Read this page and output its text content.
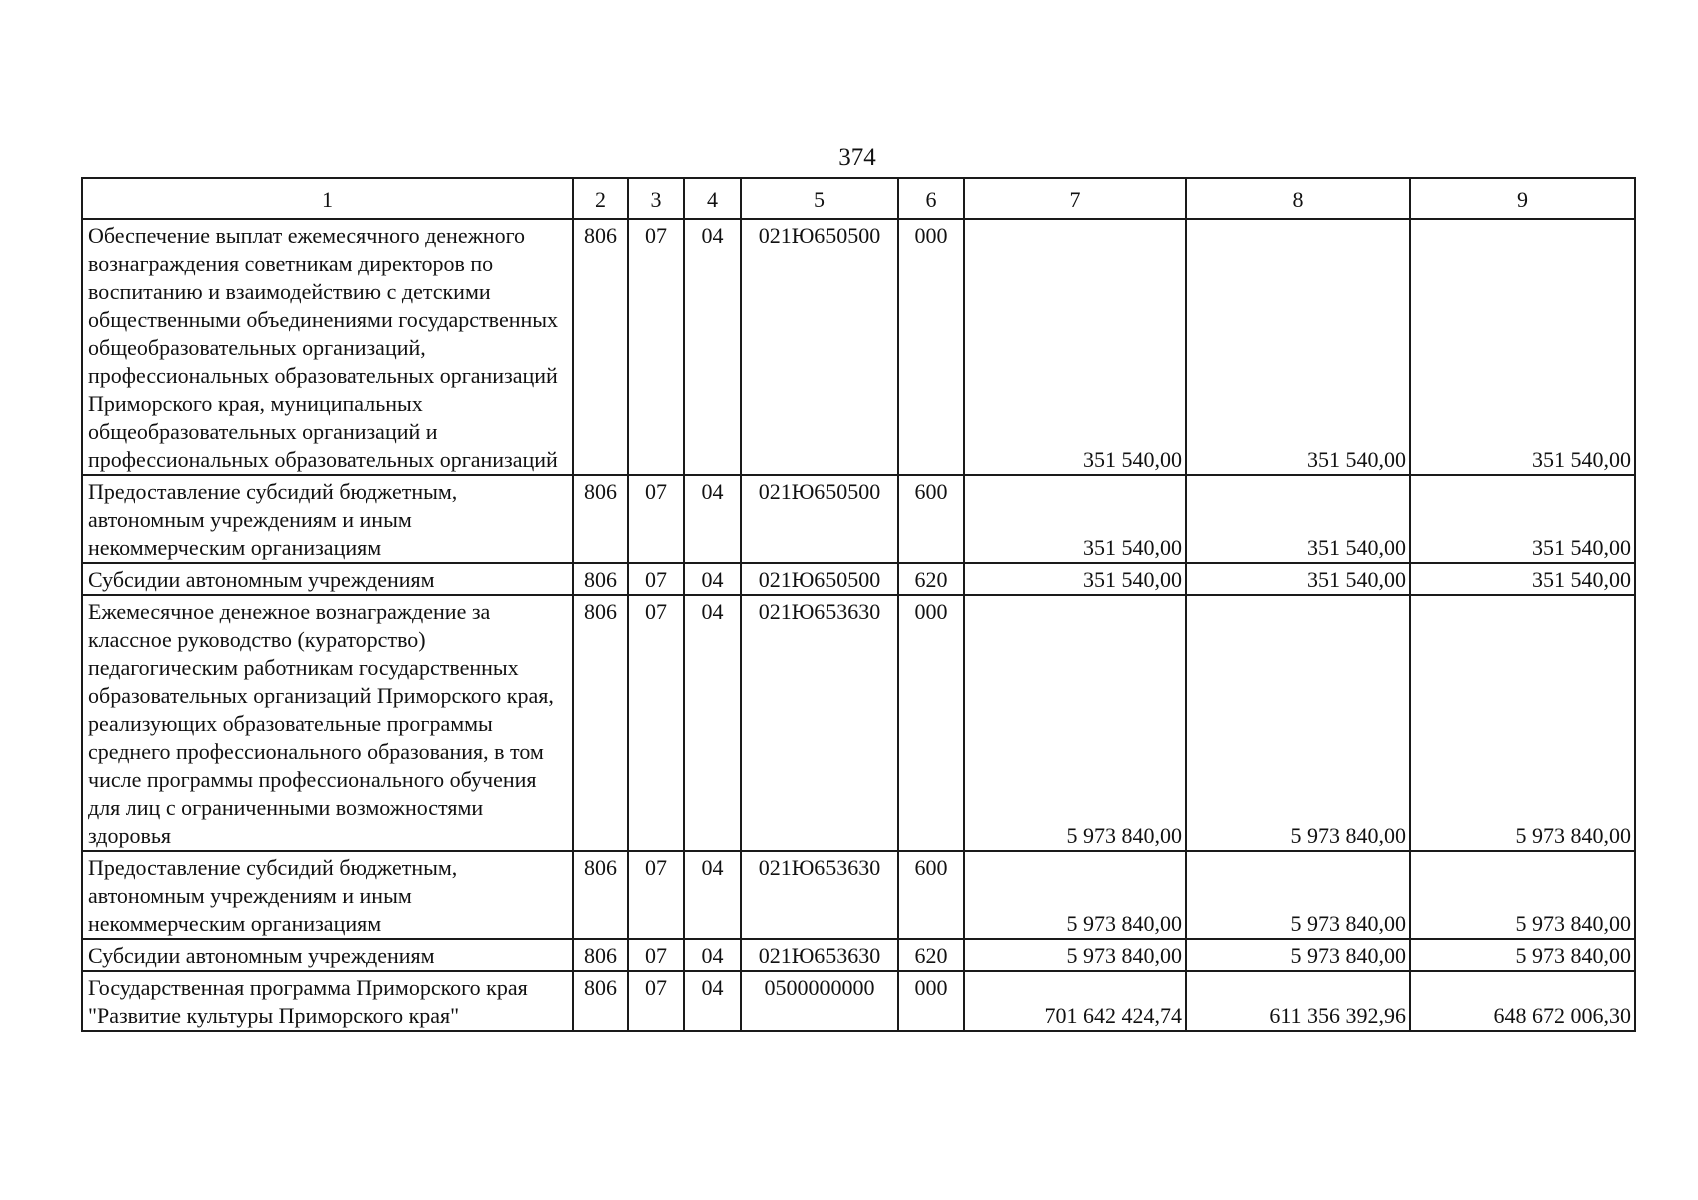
374
1	2	3	4	5	6	7	8	9
Обеспечение выплат ежемесячного денежного вознаграждения советникам директоров по воспитанию и взаимодействию с детскими общественными объединениями государственных общеобразовательных организаций, профессиональных образовательных организаций Приморского края, муниципальных общеобразовательных организаций и профессиональных образовательных организаций	806	07	04	021Ю650500	000	351 540,00	351 540,00	351 540,00
Предоставление субсидий бюджетным, автономным учреждениям и иным некоммерческим организациям	806	07	04	021Ю650500	600	351 540,00	351 540,00	351 540,00
Субсидии автономным учреждениям	806	07	04	021Ю650500	620	351 540,00	351 540,00	351 540,00
Ежемесячное денежное вознаграждение за классное руководство (кураторство) педагогическим работникам государственных образовательных организаций Приморского края, реализующих образовательные программы среднего профессионального образования, в том числе программы профессионального обучения для лиц с ограниченными возможностями здоровья	806	07	04	021Ю653630	000	5 973 840,00	5 973 840,00	5 973 840,00
Предоставление субсидий бюджетным, автономным учреждениям и иным некоммерческим организациям	806	07	04	021Ю653630	600	5 973 840,00	5 973 840,00	5 973 840,00
Субсидии автономным учреждениям	806	07	04	021Ю653630	620	5 973 840,00	5 973 840,00	5 973 840,00
Государственная программа Приморского края "Развитие культуры Приморского края"	806	07	04	0500000000	000	701 642 424,74	611 356 392,96	648 672 006,30
